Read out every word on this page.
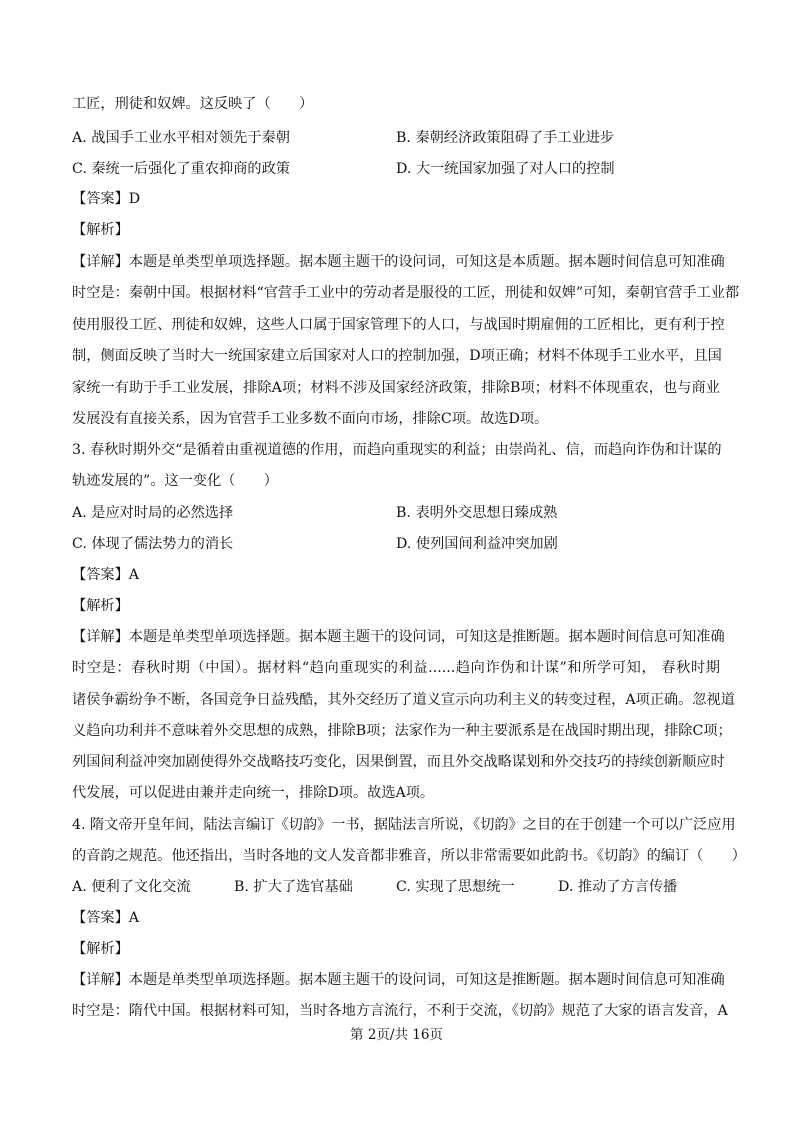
工匠，刑徒和奴婢。这反映了（　　）
A. 战国手工业水平相对领先于秦朝	B. 秦朝经济政策阻碍了手工业进步
C. 秦统一后强化了重农抑商的政策	D. 大一统国家加强了对人口的控制
【答案】D
【解析】
【详解】本题是单类型单项选择题。据本题主题干的设问词，可知这是本质题。据本题时间信息可知准确
时空是：秦朝中国。根据材料“官营手工业中的劳动者是服役的工匠，刑徒和奴婢”可知，秦朝官营手工业都
使用服役工匠、刑徒和奴婢，这些人口属于国家管理下的人口，与战国时期雇佣的工匠相比，更有利于控
制，侧面反映了当时大一统国家建立后国家对人口的控制加强，D项正确；材料不体现手工业水平，且国
家统一有助于手工业发展，排除A项；材料不涉及国家经济政策，排除B项；材料不体现重农，也与商业
发展没有直接关系，因为官营手工业多数不面向市场，排除C项。故选D项。
3. 春秋时期外交“是循着由重视道德的作用，而趋向重现实的利益；由崇尚礼、信，而趋向诈伪和计谋的
轨迹发展的”。这一变化（　　）
A. 是应对时局的必然选择	B. 表明外交思想日臻成熟
C. 体现了儒法势力的消长	D. 使列国间利益冲突加剧
【答案】A
【解析】
【详解】本题是单类型单项选择题。据本题主题干的设问词，可知这是推断题。据本题时间信息可知准确
时空是：春秋时期（中国）。据材料“趋向重现实的利益......趋向诈伪和计谋”和所学可知， 春秋时期
诸侯争霸纷争不断，各国竞争日益残酷，其外交经历了道义宣示向功利主义的转变过程，A项正确。忽视道
义趋向功利并不意味着外交思想的成熟，排除B项；法家作为一种主要派系是在战国时期出现，排除C项；
列国间利益冲突加剧使得外交战略技巧变化，因果倒置，而且外交战略谋划和外交技巧的持续创新顺应时
代发展，可以促进由兼并走向统一，排除D项。故选A项。
4. 隋文帝开皇年间，陆法言编订《切韵》一书，据陆法言所说，《切韵》之目的在于创建一个可以广泛应用
的音韵之规范。他还指出，当时各地的文人发音都非雅音，所以非常需要如此韵书。《切韵》的编订（　　）
A. 便利了文化交流	B. 扩大了选官基础	C. 实现了思想统一	D. 推动了方言传播
【答案】A
【解析】
【详解】本题是单类型单项选择题。据本题主题干的设问词，可知这是推断题。据本题时间信息可知准确
时空是：隋代中国。根据材料可知，当时各地方言流行，不利于交流，《切韵》规范了大家的语言发音，A
第 2页/共 16页
